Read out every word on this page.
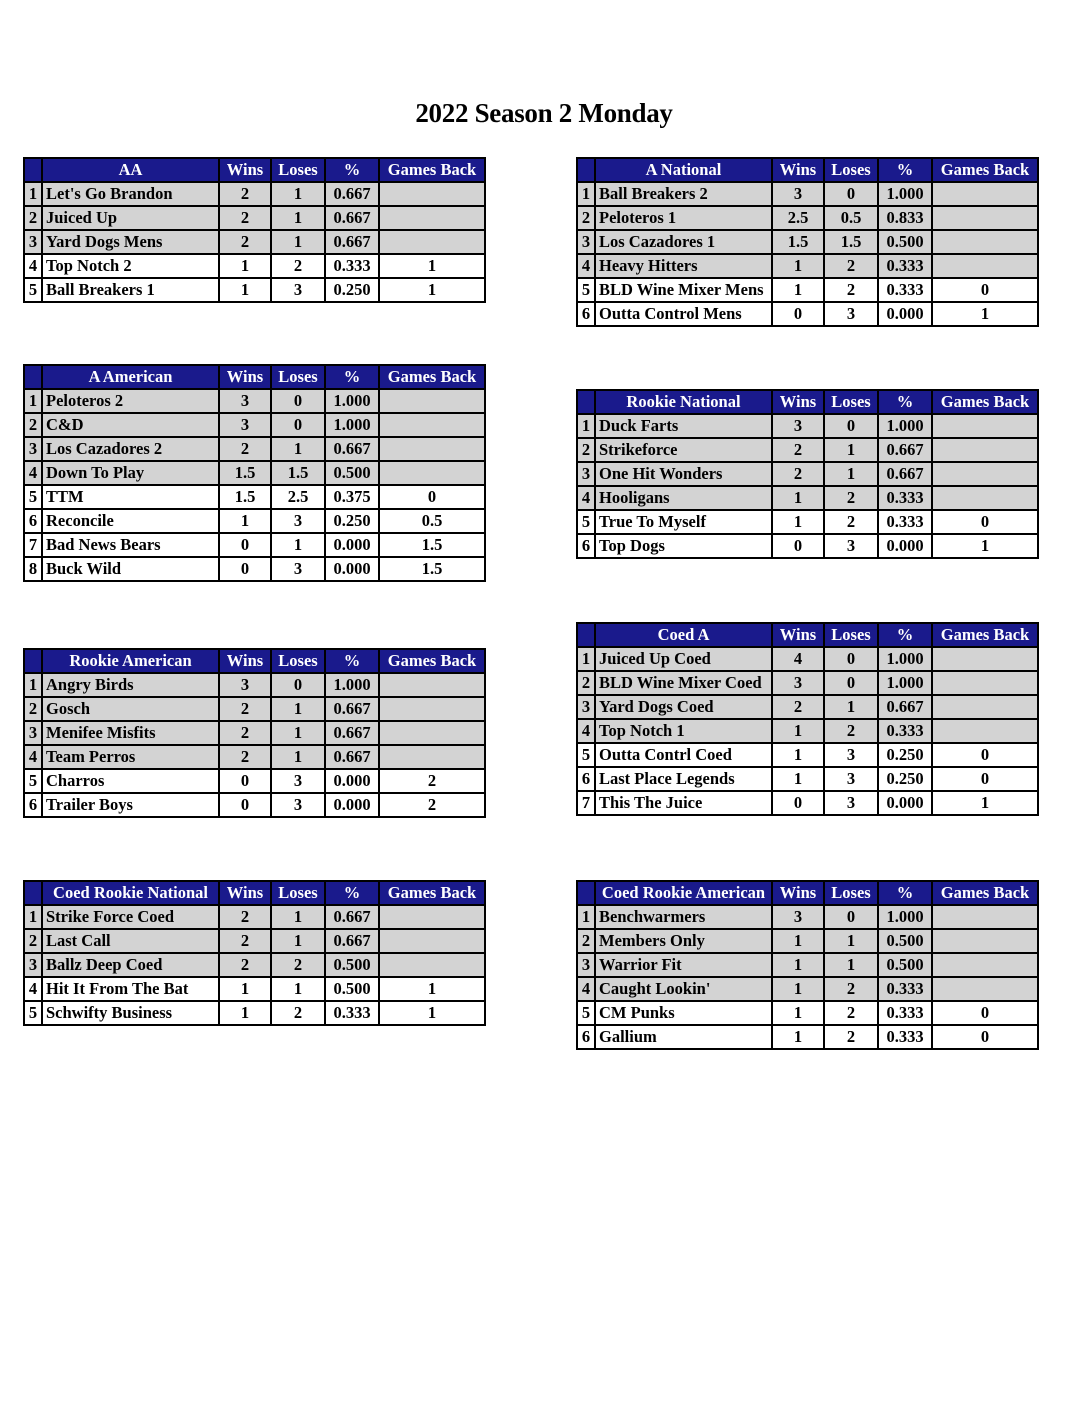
2022 Season 2 Monday
	AA	Wins	Loses	%	Games Back
1	Let's Go Brandon	2	1	0.667	
2	Juiced Up	2	1	0.667	
3	Yard Dogs Mens	2	1	0.667	
4	Top Notch 2	1	2	0.333	1
5	Ball Breakers 1	1	3	0.250	1
	A National	Wins	Loses	%	Games Back
1	Ball Breakers 2	3	0	1.000	
2	Peloteros 1	2.5	0.5	0.833	
3	Los Cazadores 1	1.5	1.5	0.500	
4	Heavy Hitters	1	2	0.333	
5	BLD Wine Mixer Mens	1	2	0.333	0
6	Outta Control Mens	0	3	0.000	1
	A American	Wins	Loses	%	Games Back
1	Peloteros 2	3	0	1.000	
2	C&D	3	0	1.000	
3	Los Cazadores 2	2	1	0.667	
4	Down To Play	1.5	1.5	0.500	
5	TTM	1.5	2.5	0.375	0
6	Reconcile	1	3	0.250	0.5
7	Bad News Bears	0	1	0.000	1.5
8	Buck Wild	0	3	0.000	1.5
	Rookie National	Wins	Loses	%	Games Back
1	Duck Farts	3	0	1.000	
2	Strikeforce	2	1	0.667	
3	One Hit Wonders	2	1	0.667	
4	Hooligans	1	2	0.333	
5	True To Myself	1	2	0.333	0
6	Top Dogs	0	3	0.000	1
	Rookie American	Wins	Loses	%	Games Back
1	Angry Birds	3	0	1.000	
2	Gosch	2	1	0.667	
3	Menifee Misfits	2	1	0.667	
4	Team Perros	2	1	0.667	
5	Charros	0	3	0.000	2
6	Trailer Boys	0	3	0.000	2
	Coed A	Wins	Loses	%	Games Back
1	Juiced Up Coed	4	0	1.000	
2	BLD Wine Mixer Coed	3	0	1.000	
3	Yard Dogs Coed	2	1	0.667	
4	Top Notch 1	1	2	0.333	
5	Outta Contrl Coed	1	3	0.250	0
6	Last Place Legends	1	3	0.250	0
7	This The Juice	0	3	0.000	1
	Coed Rookie National	Wins	Loses	%	Games Back
1	Strike Force Coed	2	1	0.667	
2	Last Call	2	1	0.667	
3	Ballz Deep Coed	2	2	0.500	
4	Hit It From The Bat	1	1	0.500	1
5	Schwifty Business	1	2	0.333	1
	Coed Rookie American	Wins	Loses	%	Games Back
1	Benchwarmers	3	0	1.000	
2	Members Only	1	1	0.500	
3	Warrior Fit	1	1	0.500	
4	Caught Lookin'	1	2	0.333	
5	CM Punks	1	2	0.333	0
6	Gallium	1	2	0.333	0
